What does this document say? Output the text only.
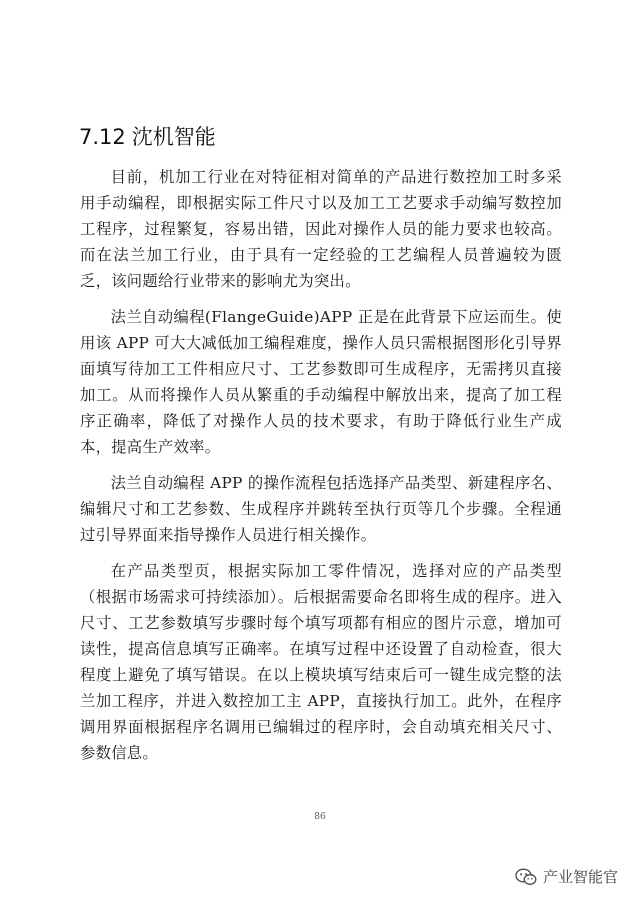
7.12 沈机智能

目前，机加工行业在对特征相对简单的产品进行数控加工时多采用手动编程，即根据实际工件尺寸以及加工工艺要求手动编写数控加工程序，过程繁复，容易出错，因此对操作人员的能力要求也较高。而在法兰加工行业，由于具有一定经验的工艺编程人员普遍较为匮乏，该问题给行业带来的影响尤为突出。

法兰自动编程(FlangeGuide)APP 正是在此背景下应运而生。使用该 APP 可大大减低加工编程难度，操作人员只需根据图形化引导界面填写待加工工件相应尺寸、工艺参数即可生成程序，无需拷贝直接加工。从而将操作人员从繁重的手动编程中解放出来，提高了加工程序正确率，降低了对操作人员的技术要求，有助于降低行业生产成本，提高生产效率。

法兰自动编程 APP 的操作流程包括选择产品类型、新建程序名、编辑尺寸和工艺参数、生成程序并跳转至执行页等几个步骤。全程通过引导界面来指导操作人员进行相关操作。

在产品类型页，根据实际加工零件情况，选择对应的产品类型（根据市场需求可持续添加）。后根据需要命名即将生成的程序。进入尺寸、工艺参数填写步骤时每个填写项都有相应的图片示意，增加可读性，提高信息填写正确率。在填写过程中还设置了自动检查，很大程度上避免了填写错误。在以上模块填写结束后可一键生成完整的法兰加工程序，并进入数控加工主 APP，直接执行加工。此外，在程序调用界面根据程序名调用已编辑过的程序时，会自动填充相关尺寸、参数信息。

86
产业智能官
